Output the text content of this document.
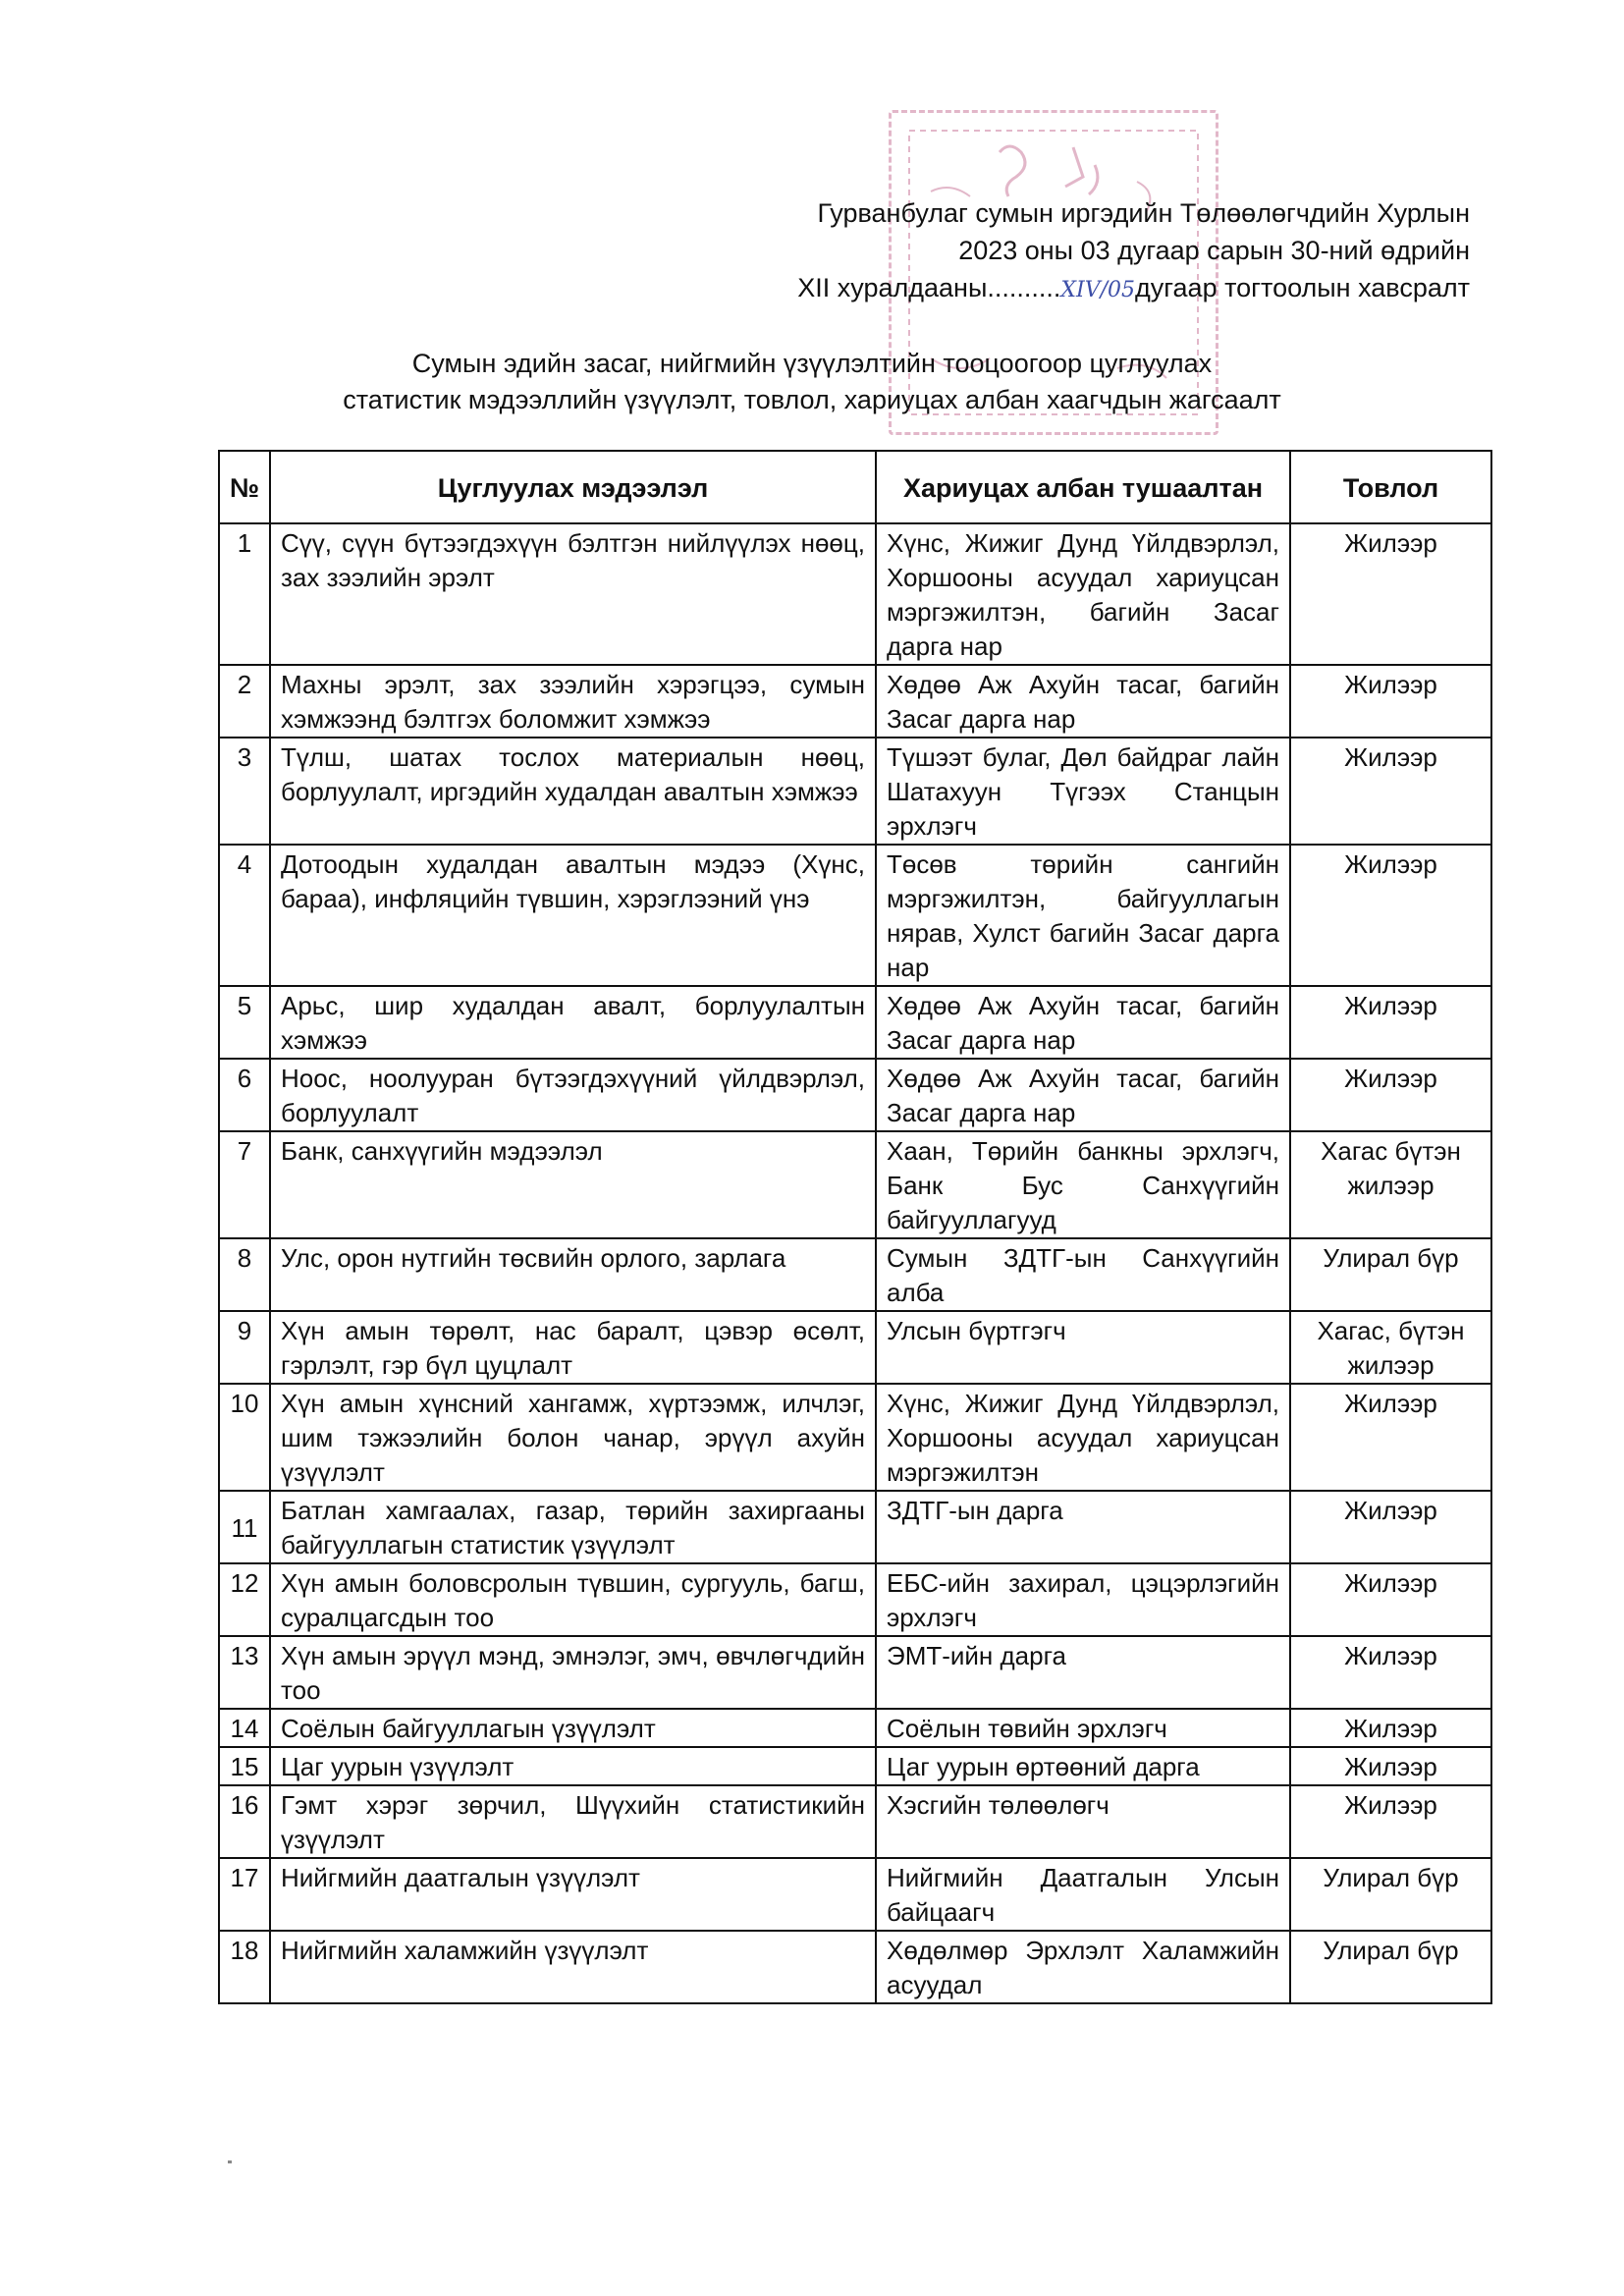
Гурванбулаг сумын иргэдийн Төлөөлөгчдийн Хурлын
2023 оны 03 дугаар сарын 30-ний өдрийн
XII хуралдааны..........XIV/05дугаар тогтоолын хавсралт
Сумын эдийн засаг, нийгмийн үзүүлэлтийн тооцоогоор цуглуулах
статистик мэдээллийн үзүүлэлт, товлол, хариуцах албан хаагчдын жагсаалт
№	Цуглуулах мэдээлэл	Хариуцах албан тушаалтан	Товлол
1	Сүү, сүүн бүтээгдэхүүн бэлтгэн нийлүүлэх нөөц, зах зээлийн эрэлт	Хүнс, Жижиг Дунд Үйлдвэрлэл, Хоршооны асуудал хариуцсан мэргэжилтэн, багийн Засаг дарга нар	Жилээр
2	Махны эрэлт, зах зээлийн хэрэгцээ, сумын хэмжээнд бэлтгэх боломжит хэмжээ	Хөдөө Аж Ахуйн тасаг, багийн Засаг дарга нар	Жилээр
3	Түлш, шатах тослох материалын нөөц, борлуулалт, иргэдийн худалдан авалтын хэмжээ	Түшээт булаг, Дөл байдраг лайн Шатахуун Түгээх Станцын эрхлэгч	Жилээр
4	Дотоодын худалдан авалтын мэдээ (Хүнс, бараа), инфляцийн түвшин, хэрэглээний үнэ	Төсөв төрийн сангийн мэргэжилтэн, байгууллагын нярав, Хулст багийн Засаг дарга нар	Жилээр
5	Арьс, шир худалдан авалт, борлуулалтын хэмжээ	Хөдөө Аж Ахуйн тасаг, багийн Засаг дарга нар	Жилээр
6	Ноос, ноолууран бүтээгдэхүүний үйлдвэрлэл, борлуулалт	Хөдөө Аж Ахуйн тасаг, багийн Засаг дарга нар	Жилээр
7	Банк, санхүүгийн мэдээлэл	Хаан, Төрийн банкны эрхлэгч, Банк Бус Санхүүгийн байгууллагууд	Хагас бүтэн жилээр
8	Улс, орон нутгийн төсвийн орлого, зарлага	Сумын ЗДТГ-ын Санхүүгийн алба	Улирал бүр
9	Хүн амын төрөлт, нас баралт, цэвэр өсөлт, гэрлэлт, гэр бүл цуцлалт	Улсын бүртгэгч	Хагас, бүтэн жилээр
10	Хүн амын хүнсний хангамж, хүртээмж, илчлэг, шим тэжээлийн болон чанар, эрүүл ахуйн үзүүлэлт	Хүнс, Жижиг Дунд Үйлдвэрлэл, Хоршооны асуудал хариуцсан мэргэжилтэн	Жилээр
11	Батлан хамгаалах, газар, төрийн захиргааны байгууллагын статистик үзүүлэлт	ЗДТГ-ын дарга	Жилээр
12	Хүн амын боловсролын түвшин, сургууль, багш, суралцагсдын тоо	ЕБС-ийн захирал, цэцэрлэгийн эрхлэгч	Жилээр
13	Хүн амын эрүүл мэнд, эмнэлэг, эмч, өвчлөгчдийн тоо	ЭМТ-ийн дарга	Жилээр
14	Соёлын байгууллагын үзүүлэлт	Соёлын төвийн эрхлэгч	Жилээр
15	Цаг уурын үзүүлэлт	Цаг уурын өртөөний дарга	Жилээр
16	Гэмт хэрэг зөрчил, Шүүхийн статистикийн үзүүлэлт	Хэсгийн төлөөлөгч	Жилээр
17	Нийгмийн даатгалын үзүүлэлт	Нийгмийн Даатгалын Улсын байцаагч	Улирал бүр
18	Нийгмийн халамжийн үзүүлэлт	Хөдөлмөр Эрхлэлт Халамжийн асуудал	Улирал бүр
